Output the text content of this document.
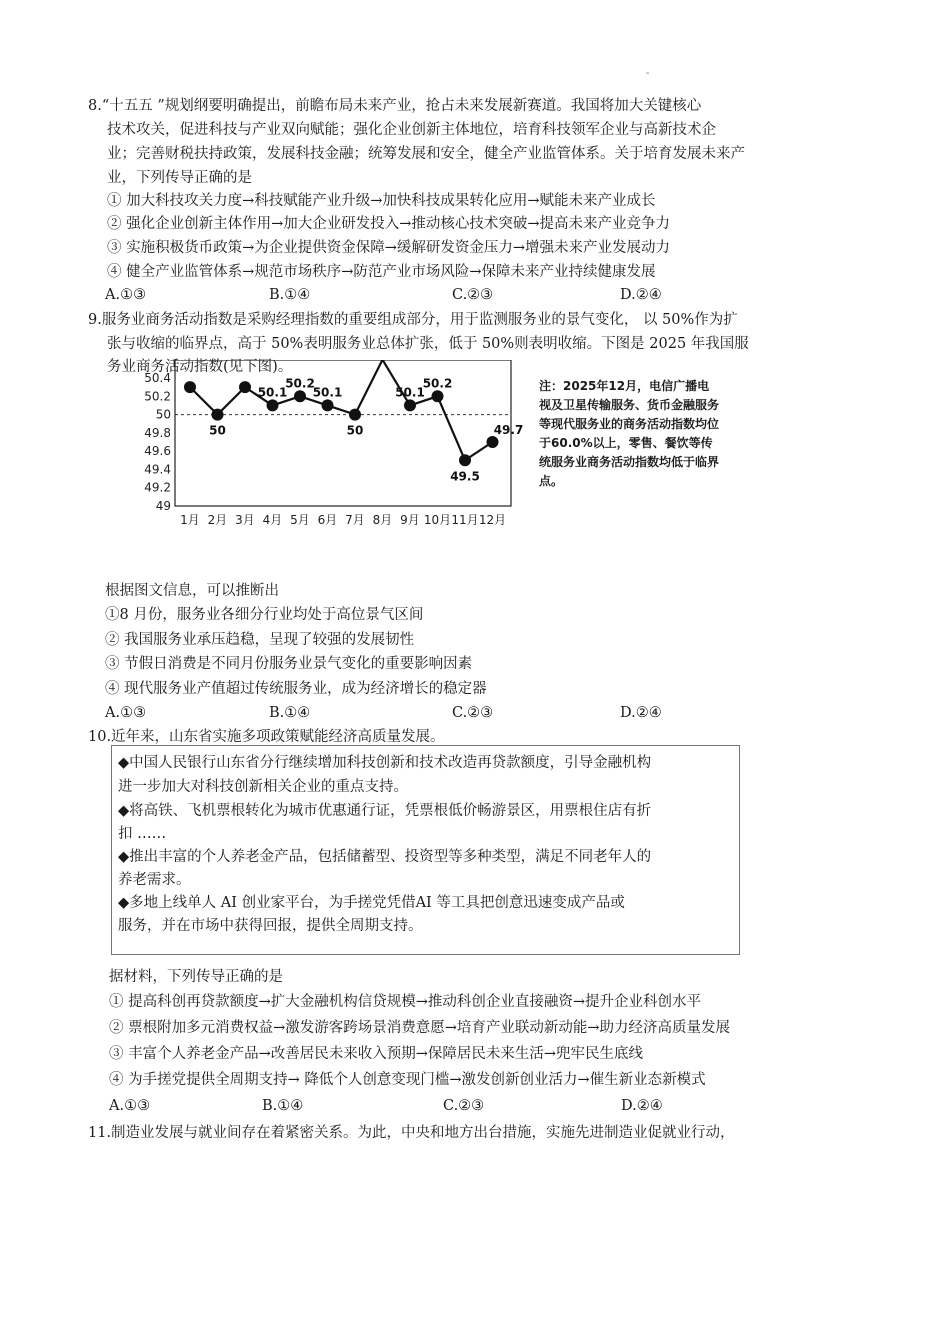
-
8.“十五五 ”规划纲要明确提出，前瞻布局未来产业，抢占未来发展新赛道。我国将加大关键核心
技术攻关，促进科技与产业双向赋能；强化企业创新主体地位，培育科技领军企业与高新技术企
业；完善财税扶持政策，发展科技金融；统筹发展和安全，健全产业监管体系。关于培育发展未来产
业，下列传导正确的是
① 加大科技攻关力度→科技赋能产业升级→加快科技成果转化应用→赋能未来产业成长
② 强化企业创新主体作用→加大企业研发投入→推动核心技术突破→提高未来产业竞争力
③ 实施积极货币政策→为企业提供资金保障→缓解研发资金压力→增强未来产业发展动力
④ 健全产业监管体系→规范市场秩序→防范产业市场风险→保障未来产业持续健康发展
A.①③	B.①④	C.②③	D.②④
9.服务业商务活动指数是采购经理指数的重要组成部分，用于监测服务业的景气变化， 以 50%作为扩
张与收缩的临界点，高于 50%表明服务业总体扩张，低于 50%则表明收缩。下图是 2025 年我国服
务业商务活动指数(见下图)。
50.4
50.2
50
49.8
49.6
49.4
49.2
49
1月 2月 3月 4月 5月 6月 7月 8月 9月 10月 11月 12月
50
50.1
50.2
50.1
50
50.1
50.2
49.5
49.7
注：2025年12月，电信广播电视及卫星传输服务、货币金融服务等现代服务业的商务活动指数均位于60.0%以上，零售、餐饮等传统服务业商务活动指数均低于临界点。
根据图文信息，可以推断出
①8 月份，服务业各细分行业均处于高位景气区间
② 我国服务业承压趋稳，呈现了较强的发展韧性
③ 节假日消费是不同月份服务业景气变化的重要影响因素
④ 现代服务业产值超过传统服务业，成为经济增长的稳定器
A.①③	B.①④	C.②③	D.②④
10.近年来，山东省实施多项政策赋能经济高质量发展。
◆中国人民银行山东省分行继续增加科技创新和技术改造再贷款额度，引导金融机构
进一步加大对科技创新相关企业的重点支持。
◆将高铁、飞机票根转化为城市优惠通行证，凭票根低价畅游景区，用票根住店有折
扣 ……
◆推出丰富的个人养老金产品，包括储蓄型、投资型等多种类型，满足不同老年人的
养老需求。
◆多地上线单人 AI 创业家平台，为手搓党凭借AI 等工具把创意迅速变成产品或
服务，并在市场中获得回报，提供全周期支持。
据材料，下列传导正确的是
① 提高科创再贷款额度→扩大金融机构信贷规模→推动科创企业直接融资→提升企业科创水平
② 票根附加多元消费权益→激发游客跨场景消费意愿→培育产业联动新动能→助力经济高质量发展
③ 丰富个人养老金产品→改善居民未来收入预期→保障居民未来生活→兜牢民生底线
④ 为手搓党提供全周期支持→ 降低个人创意变现门槛→激发创新创业活力→催生新业态新模式
A.①③	B.①④	C.②③	D.②④
11.制造业发展与就业间存在着紧密关系。为此，中央和地方出台措施，实施先进制造业促就业行动，
